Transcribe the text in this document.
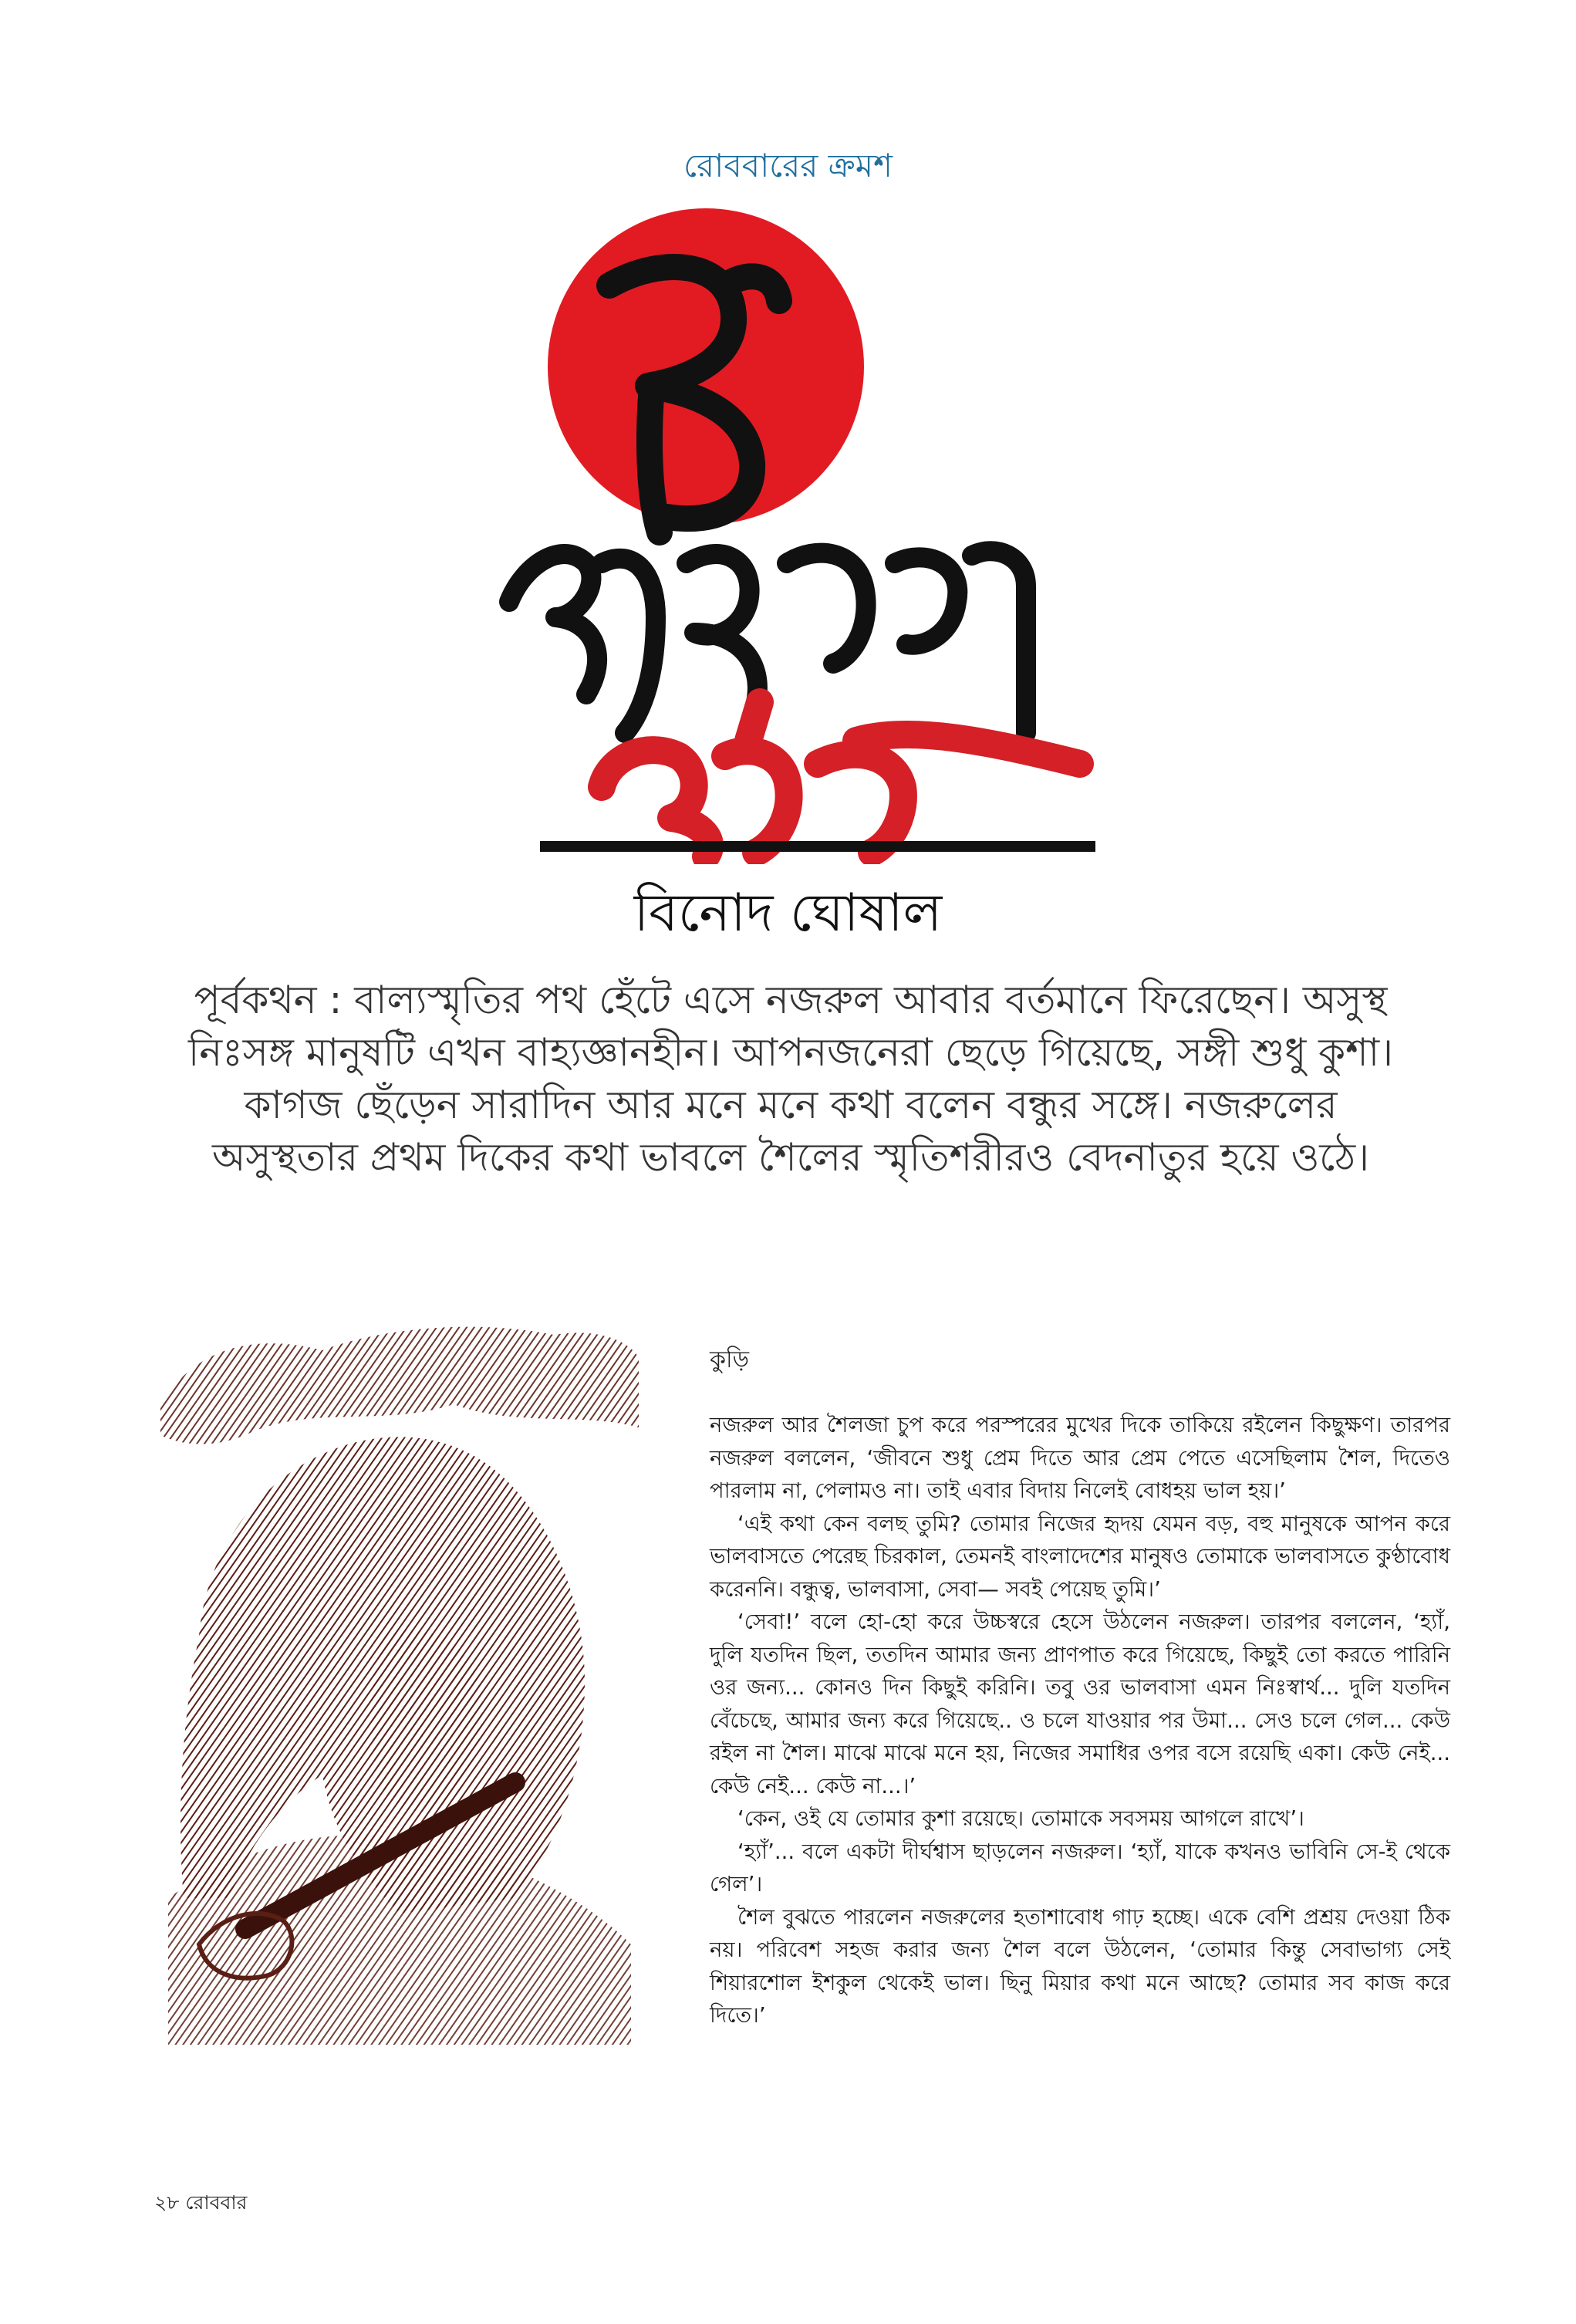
রোববারের ক্রমশ
কে কড়ায় বাঁশি
বিনোদ ঘোষাল
পূর্বকথন : বাল্যস্মৃতির পথ হেঁটে এসে নজরুল আবার বর্তমানে ফিরেছেন। অসুস্থ নিঃসঙ্গ মানুষটি এখন বাহ্যজ্ঞানহীন। আপনজনেরা ছেড়ে গিয়েছে, সঙ্গী শুধু কুশা। কাগজ ছেঁড়েন সারাদিন আর মনে মনে কথা বলেন বন্ধুর সঙ্গে। নজরুলের অসুস্থতার প্রথম দিকের কথা ভাবলে শৈলের স্মৃতিশরীরও বেদনাতুর হয়ে ওঠে।
কুড়ি

নজরুল আর শৈলজা চুপ করে পরস্পরের মুখের দিকে তাকিয়ে রইলেন কিছুক্ষণ। তারপর নজরুল বললেন, ‘জীবনে শুধু প্রেম দিতে আর প্রেম পেতে এসেছিলাম শৈল, দিতেও পারলাম না, পেলামও না। তাই এবার বিদায় নিলেই বোধহয় ভাল হয়।’

‘এই কথা কেন বলছ তুমি? তোমার নিজের হৃদয় যেমন বড়, বহু মানুষকে আপন করে ভালবাসতে পেরেছ চিরকাল, তেমনই বাংলাদেশের মানুষও তোমাকে ভালবাসতে কুণ্ঠাবোধ করেননি। বন্ধুত্ব, ভালবাসা, সেবা— সবই পেয়েছ তুমি।’

‘সেবা!’ বলে হো-হো করে উচ্চস্বরে হেসে উঠলেন নজরুল। তারপর বললেন, ‘হ্যাঁ, দুলি যতদিন ছিল, ততদিন আমার জন্য প্রাণপাত করে গিয়েছে, কিছুই তো করতে পারিনি ওর জন্য... কোনও দিন কিছুই করিনি। তবু ওর ভালবাসা এমন নিঃস্বার্থ... দুলি যতদিন বেঁচেছে, আমার জন্য করে গিয়েছে.. ও চলে যাওয়ার পর উমা... সেও চলে গেল... কেউ রইল না শৈল। মাঝে মাঝে মনে হয়, নিজের সমাধির ওপর বসে রয়েছি একা। কেউ নেই... কেউ নেই... কেউ না...।’

‘কেন, ওই যে তোমার কুশা রয়েছে। তোমাকে সবসময় আগলে রাখে’।

‘হ্যাঁ’... বলে একটা দীর্ঘশ্বাস ছাড়লেন নজরুল। ‘হ্যাঁ, যাকে কখনও ভাবিনি সে-ই থেকে গেল’।

শৈল বুঝতে পারলেন নজরুলের হতাশাবোধ গাঢ় হচ্ছে। একে বেশি প্রশ্রয় দেওয়া ঠিক নয়। পরিবেশ সহজ করার জন্য শৈল বলে উঠলেন, ‘তোমার কিন্তু সেবাভাগ্য সেই শিয়ারশোল ইশকুল থেকেই ভাল। ছিনু মিয়ার কথা মনে আছে? তোমার সব কাজ করে দিতে।’

২৮ রোববার
